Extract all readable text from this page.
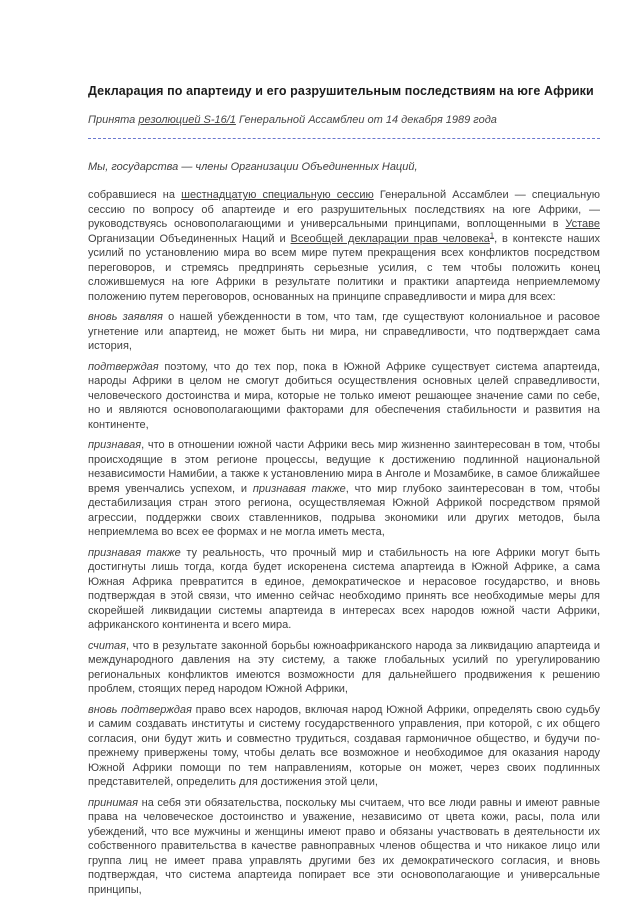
Декларация по апартеиду и его разрушительным последствиям на юге Африки

Принята резолюцией S-16/1 Генеральной Ассамблеи от 14 декабря 1989 года

Мы, государства — члены Организации Объединенных Наций,

собравшиеся на шестнадцатую специальную сессию Генеральной Ассамблеи — специальную сессию по вопросу об апартеиде и его разрушительных последствиях на юге Африки, — руководствуясь основополагающими и универсальными принципами, воплощенными в Уставе Организации Объединенных Наций и Всеобщей декларации прав человека$^1$, в контексте наших усилий по установлению мира во всем мире путем прекращения всех конфликтов посредством переговоров, и стремясь предпринять серьезные усилия, с тем чтобы положить конец сложившемуся на юге Африки в результате политики и практики апартеида неприемлемому положению путем переговоров, основанных на принципе справедливости и мира для всех:

вновь заявляя о нашей убежденности в том, что там, где существуют колониальное и расовое угнетение или апартеид, не может быть ни мира, ни справедливости, что подтверждает сама история,

подтверждая поэтому, что до тех пор, пока в Южной Африке существует система апартеида, народы Африки в целом не смогут добиться осуществления основных целей справедливости, человеческого достоинства и мира, которые не только имеют решающее значение сами по себе, но и являются основополагающими факторами для обеспечения стабильности и развития на континенте,

признавая, что в отношении южной части Африки весь мир жизненно заинтересован в том, чтобы происходящие в этом регионе процессы, ведущие к достижению подлинной национальной независимости Намибии, а также к установлению мира в Анголе и Мозамбике, в самое ближайшее время увенчались успехом, и признавая также, что мир глубоко заинтересован в том, чтобы дестабилизация стран этого региона, осуществляемая Южной Африкой посредством прямой агрессии, поддержки своих ставленников, подрыва экономики или других методов, была неприемлема во всех ее формах и не могла иметь места,

признавая также ту реальность, что прочный мир и стабильность на юге Африки могут быть достигнуты лишь тогда, когда будет искоренена система апартеида в Южной Африке, а сама Южная Африка превратится в единое, демократическое и нерасовое государство, и вновь подтверждая в этой связи, что именно сейчас необходимо принять все необходимые меры для скорейшей ликвидации системы апартеида в интересах всех народов южной части Африки, африканского континента и всего мира.

считая, что в результате законной борьбы южноафриканского народа за ликвидацию апартеида и международного давления на эту систему, а также глобальных усилий по урегулированию региональных конфликтов имеются возможности для дальнейшего продвижения к решению проблем, стоящих перед народом Южной Африки,

вновь подтверждая право всех народов, включая народ Южной Африки, определять свою судьбу и самим создавать институты и систему государственного управления, при которой, с их общего согласия, они будут жить и совместно трудиться, создавая гармоничное общество, и будучи по-прежнему привержены тому, чтобы делать все возможное и необходимое для оказания народу Южной Африки помощи по тем направлениям, которые он может, через своих подлинных представителей, определить для достижения этой цели,

принимая на себя эти обязательства, поскольку мы считаем, что все люди равны и имеют равные права на человеческое достоинство и уважение, независимо от цвета кожи, расы, пола или убеждений, что все мужчины и женщины имеют право и обязаны участвовать в деятельности их собственного правительства в качестве равноправных членов общества и что никакое лицо или группа лиц не имеет права управлять другими без их демократического согласия, и вновь подтверждая, что система апартеида попирает все эти основополагающие и универсальные принципы,
